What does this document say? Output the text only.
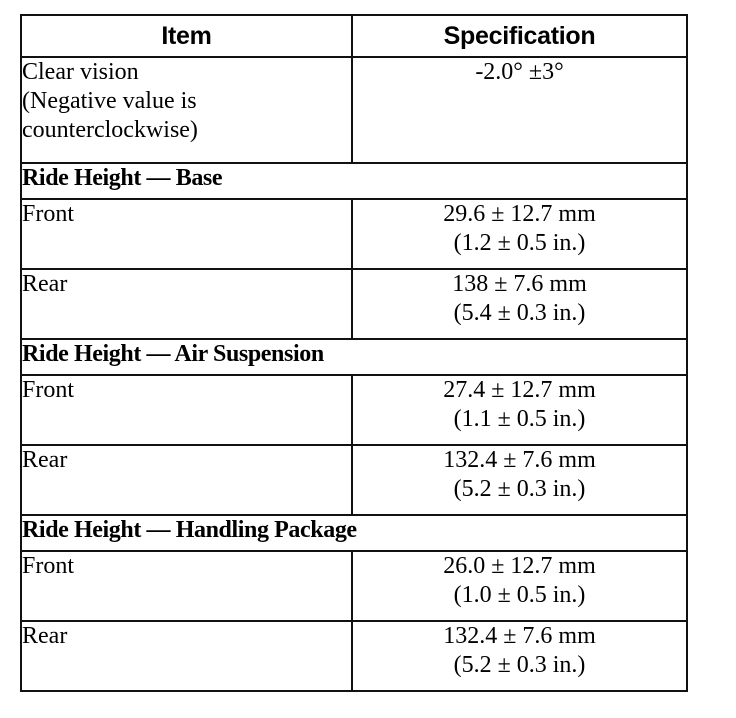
Item	Specification

Clear vision
(Negative value is
counterclockwise)	-2.0° ±3°

Ride Height — Base	
Front	29.6 ± 12.7 mm
(1.2 ± 0.5 in.)

Rear	138 ± 7.6 mm
(5.4 ± 0.3 in.)

Ride Height — Air Suspension	
Front	27.4 ± 12.7 mm
(1.1 ± 0.5 in.)

Rear	132.4 ± 7.6 mm
(5.2 ± 0.3 in.)

Ride Height — Handling Package	
Front	26.0 ± 12.7 mm
(1.0 ± 0.5 in.)

Rear	132.4 ± 7.6 mm
(5.2 ± 0.3 in.)
